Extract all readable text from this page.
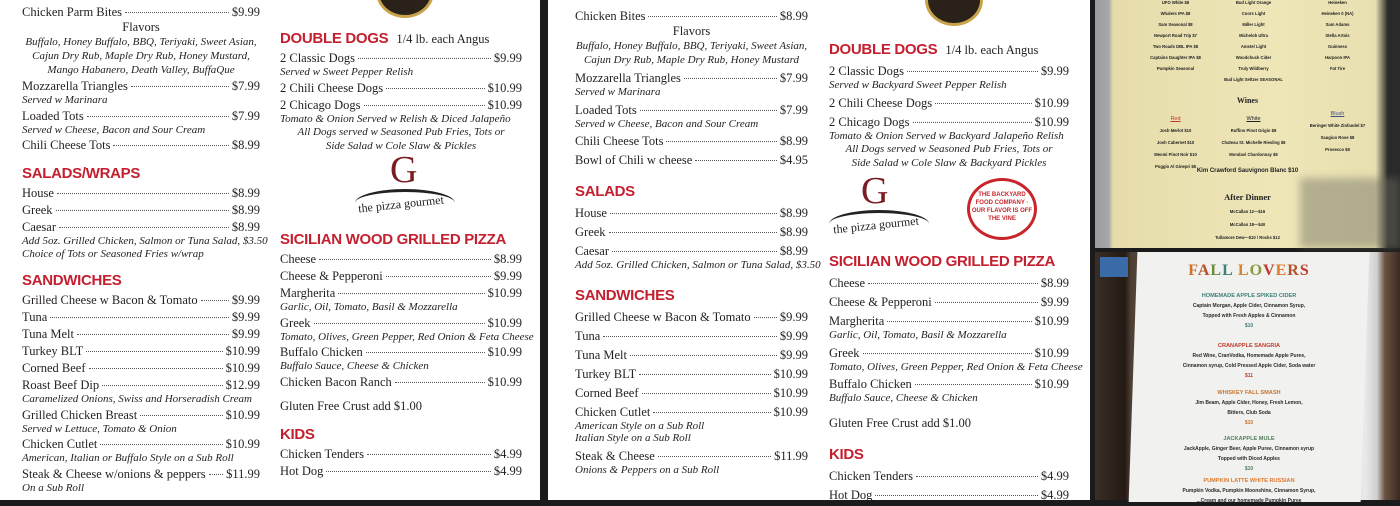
Chicken Parm Bites	$9.99
Flavors
Buffalo, Honey Buffalo, BBQ, Teriyaki, Sweet Asian,
Cajun Dry Rub, Maple Dry Rub, Honey Mustard,
Mango Habanero, Death Valley, BuffaQue
Mozzarella Triangles	$7.99
Served w Marinara
Loaded Tots	$7.99
Served w Cheese, Bacon and Sour Cream
Chili Cheese Tots	$8.99
SALADS/WRAPS
House	$8.99
Greek	$8.99
Caesar	$8.99
Add 5oz. Grilled Chicken, Salmon or Tuna Salad, $3.50
Choice of Tots or Seasoned Fries w/wrap
SANDWICHES
Grilled Cheese w Bacon & Tomato	$9.99
Tuna	$9.99
Tuna Melt	$9.99
Turkey BLT	$10.99
Corned Beef	$10.99
Roast Beef Dip	$12.99
Caramelized Onions, Swiss and Horseradish Cream
Grilled Chicken Breast	$10.99
Served w Lettuce, Tomato & Onion
Chicken Cutlet	$10.99
American, Italian or Buffalo Style on a Sub Roll
Steak & Cheese w/onions & peppers $11.99
On a Sub Roll
DOUBLE DOGS 1/4 lb. each Angus
2 Classic Dogs	$9.99
Served w Sweet Pepper Relish
2 Chili Cheese Dogs	$10.99
2 Chicago Dogs	$10.99
Tomato & Onion Served w Relish & Diced Jalapeño
All Dogs served w Seasoned Pub Fries, Tots or
Side Salad w Cole Slaw & Pickles
G
the pizza gourmet
SICILIAN WOOD GRILLED PIZZA
Cheese	$8.99
Cheese & Pepperoni	$9.99
Margherita	$10.99
Garlic, Oil, Tomato, Basil & Mozzarella
Greek	$10.99
Tomato, Olives, Green Pepper, Red Onion & Feta Cheese
Buffalo Chicken	$10.99
Buffalo Sauce, Cheese & Chicken
Chicken Bacon Ranch	$10.99
Gluten Free Crust add $1.00
KIDS
Chicken Tenders	$4.99
Hot Dog	$4.99
Chicken Bites	$8.99
Flavors
Buffalo, Honey Buffalo, BBQ, Teriyaki, Sweet Asian,
Cajun Dry Rub, Maple Dry Rub, Honey Mustard
Mozzarella Triangles	$7.99
Served w Marinara
Loaded Tots	$7.99
Served w Cheese, Bacon and Sour Cream
Chili Cheese Tots	$8.99
Bowl of Chili w cheese	$4.95
SALADS
House	$8.99
Greek	$8.99
Caesar	$8.99
Add 5oz. Grilled Chicken, Salmon or Tuna Salad, $3.50
SANDWICHES
Grilled Cheese w Bacon & Tomato $9.99
Tuna	$9.99
Tuna Melt	$9.99
Turkey BLT	$10.99
Corned Beef	$10.99
Chicken Cutlet	$10.99
American Style on a Sub Roll
Italian Style on a Sub Roll
Steak & Cheese	$11.99
Onions & Peppers on a Sub Roll
DOUBLE DOGS 1/4 lb. each Angus
2 Classic Dogs	$9.99
Served w Backyard Sweet Pepper Relish
2 Chili Cheese Dogs	$10.99
2 Chicago Dogs	$10.99
Tomato & Onion Served w Backyard Jalapeño Relish
All Dogs served w Seasoned Pub Fries, Tots or
Side Salad w Cole Slaw & Backyard Pickles
G
the pizza gourmet
THE BACKYARD FOOD COMPANY · OUR FLAVOR IS OFF THE VINE
SICILIAN WOOD GRILLED PIZZA
Cheese	$8.99
Cheese & Pepperoni	$9.99
Margherita	$10.99
Garlic, Oil, Tomato, Basil & Mozzarella
Greek	$10.99
Tomato, Olives, Green Pepper, Red Onion & Feta Cheese
Buffalo Chicken	$10.99
Buffalo Sauce, Cheese & Chicken
Gluten Free Crust add $1.00
KIDS
Chicken Tenders	$4.99
Hot Dog	$4.99
UFO White $8
Whalers IPA $8
Sam Seasonal $8
Newport Road Trip $7
Two Roads DBL IPA $8
Captains Daughter IPA $8
Pumpkin Seasonal
Bud Light Orange
Coors Light
Miller Light
Michelob Ultra
Amstel Light
Woodchuck Cider
Truly Wildberry
Bud Light Seltzer SEASONAL
Heineken
Heineken 0 (NA)
Sam Adams
Stella Artois
Guinness
Harpoon IPA
Fat Tire
Wines
Red
Josh Merlot $10
Josh Cabernet $10
Meomi Pinot Noir $10
Poggio Al Ginepri $8
White
Ruffino Pinot Grigio $8
Chateau St. Michelle Riesling $8
Mondavi Chardonnay $8
Blush
Beringer White Zinfandel $7
Saugiuo Rose $8
Prosecco $8
Kim Crawford Sauvignon Blanc $10
After Dinner
McCallan 12—$16
McCallan 18—$40
Tullamore Dew—$10 / Rocks $12
FALL LOVERS
HOMEMADE APPLE SPIKED CIDER
Captain Morgan, Apple Cider, Cinnamon Syrup,
Topped with Fresh Apples & Cinnamon
$10
CRANAPPLE SANGRIA
Red Wine, CranVodka, Homemade Apple Puree,
Cinnamon syrup, Cold Pressed Apple Cider, Soda water
$11
WHISKEY FALL SMASH
Jim Beam, Apple Cider, Honey, Fresh Lemon,
Bitters, Club Soda
$10
JACKAPPLE MULE
JackApple, Ginger Beer, Apple Puree, Cinnamon syrup
Topped with Diced Apples
$10
PUMPKIN LATTE WHITE RUSSIAN
Pumpkin Vodka, Pumpkin Moonshine, Cinnamon Syrup,
...Cream and our homemade Pumpkin Puree
